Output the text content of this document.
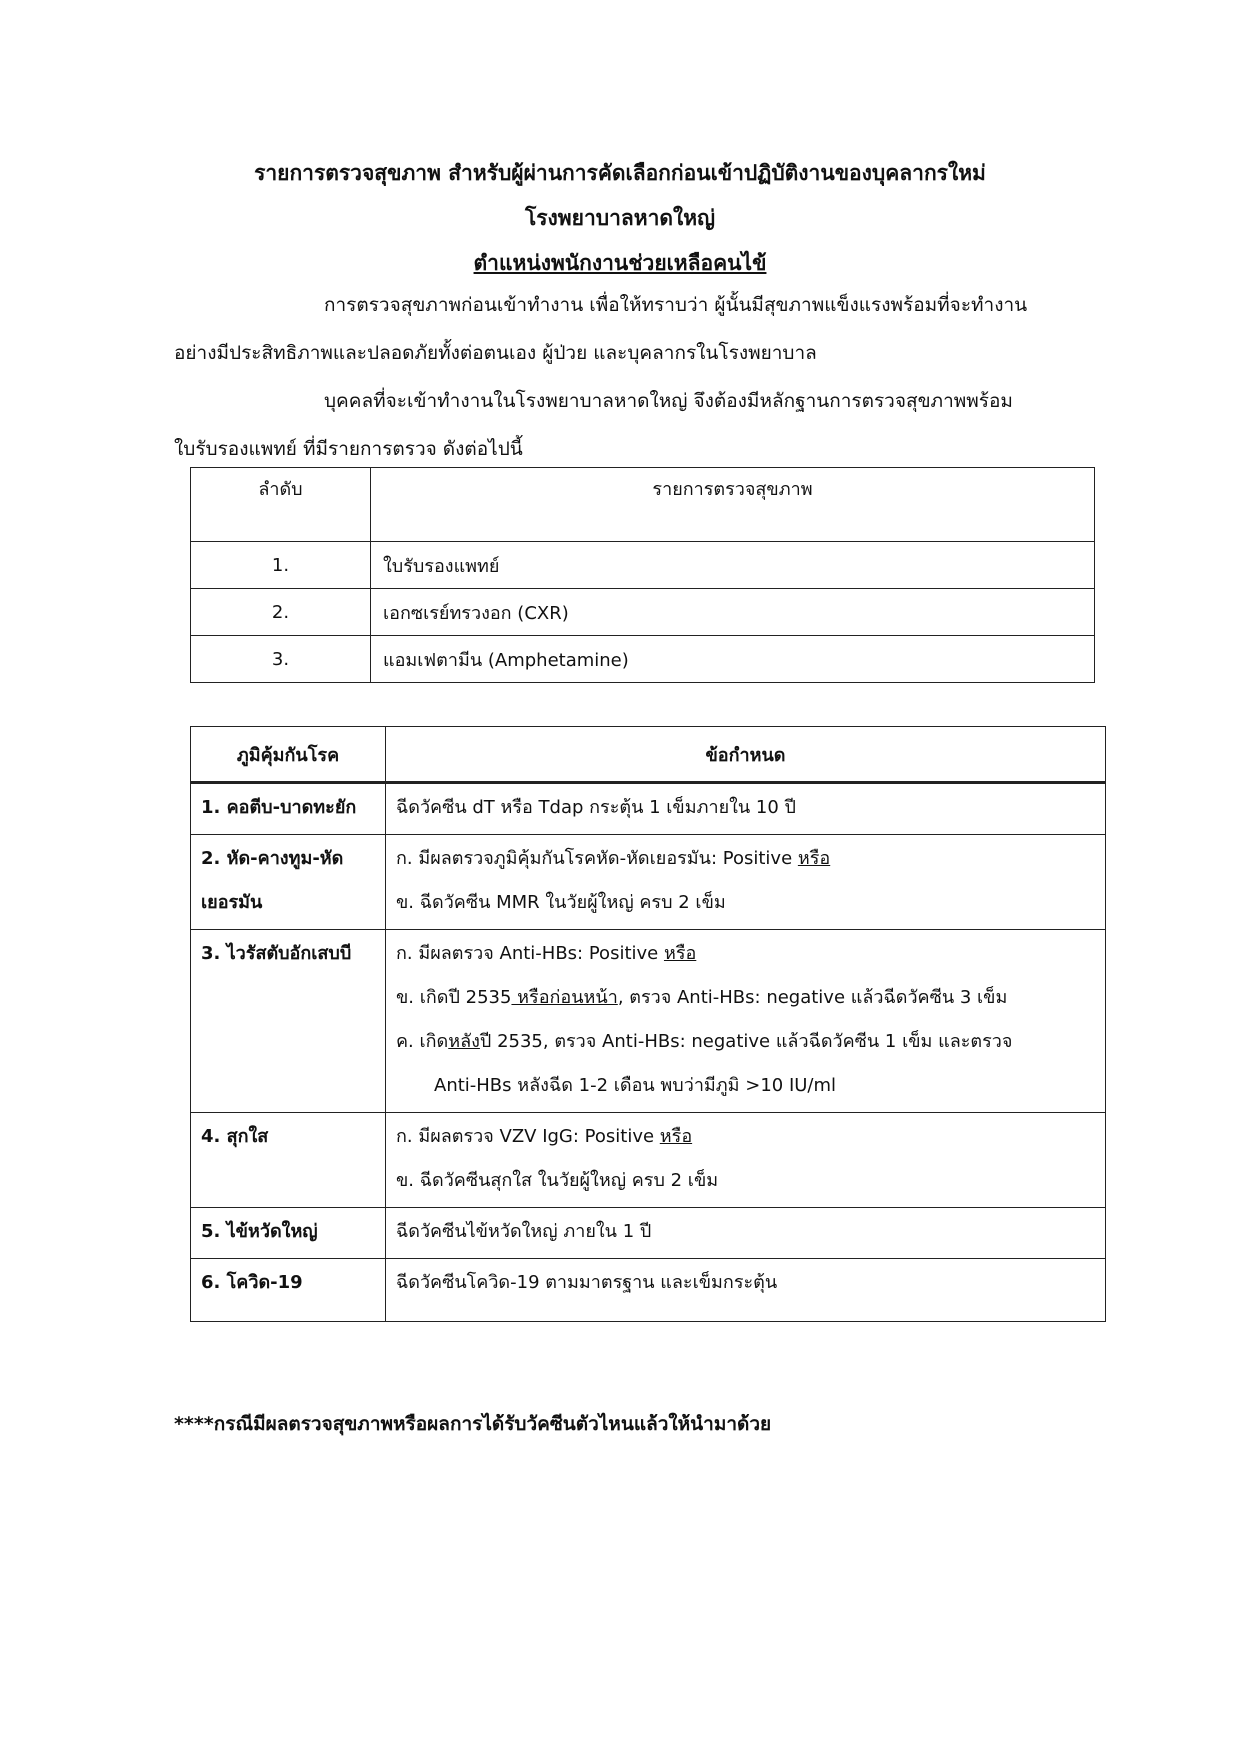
รายการตรวจสุขภาพ สำหรับผู้ผ่านการคัดเลือกก่อนเข้าปฏิบัติงานของบุคลากรใหม่
โรงพยาบาลหาดใหญ่
ตำแหน่งพนักงานช่วยเหลือคนไข้
การตรวจสุขภาพก่อนเข้าทำงาน เพื่อให้ทราบว่า ผู้นั้นมีสุขภาพแข็งแรงพร้อมที่จะทำงาน
อย่างมีประสิทธิภาพและปลอดภัยทั้งต่อตนเอง ผู้ป่วย และบุคลากรในโรงพยาบาล
บุคคลที่จะเข้าทำงานในโรงพยาบาลหาดใหญ่ จึงต้องมีหลักฐานการตรวจสุขภาพพร้อม
ใบรับรองแพทย์ ที่มีรายการตรวจ ดังต่อไปนี้
ลำดับ	รายการตรวจสุขภาพ
1.	ใบรับรองแพทย์
2.	เอกซเรย์ทรวงอก (CXR)
3.	แอมเฟตามีน (Amphetamine)
ภูมิคุ้มกันโรค	ข้อกำหนด
1. คอตีบ-บาดทะยัก	ฉีดวัคซีน dT หรือ Tdap กระตุ้น 1 เข็มภายใน 10 ปี
2. หัด-คางทูม-หัดเยอรมัน	ก. มีผลตรวจภูมิคุ้มกันโรคหัด-หัดเยอรมัน: Positive หรือ
ข. ฉีดวัคซีน MMR ในวัยผู้ใหญ่ ครบ 2 เข็ม

3. ไวรัสตับอักเสบบี	ก. มีผลตรวจ Anti-HBs: Positive หรือ
ข. เกิดปี 2535 หรือก่อนหน้า, ตรวจ Anti-HBs: negative แล้วฉีดวัคซีน 3 เข็ม
ค. เกิดหลังปี 2535, ตรวจ Anti-HBs: negative แล้วฉีดวัคซีน 1 เข็ม และตรวจ
Anti-HBs หลังฉีด 1-2 เดือน พบว่ามีภูมิ >10 IU/ml

4. สุกใส	ก. มีผลตรวจ VZV IgG: Positive หรือ
ข. ฉีดวัคซีนสุกใส ในวัยผู้ใหญ่ ครบ 2 เข็ม

5. ไข้หวัดใหญ่	ฉีดวัคซีนไข้หวัดใหญ่ ภายใน 1 ปี
6. โควิด-19	ฉีดวัคซีนโควิด-19 ตามมาตรฐาน และเข็มกระตุ้น
****กรณีมีผลตรวจสุขภาพหรือผลการได้รับวัคซีนตัวไหนแล้วให้นำมาด้วย
